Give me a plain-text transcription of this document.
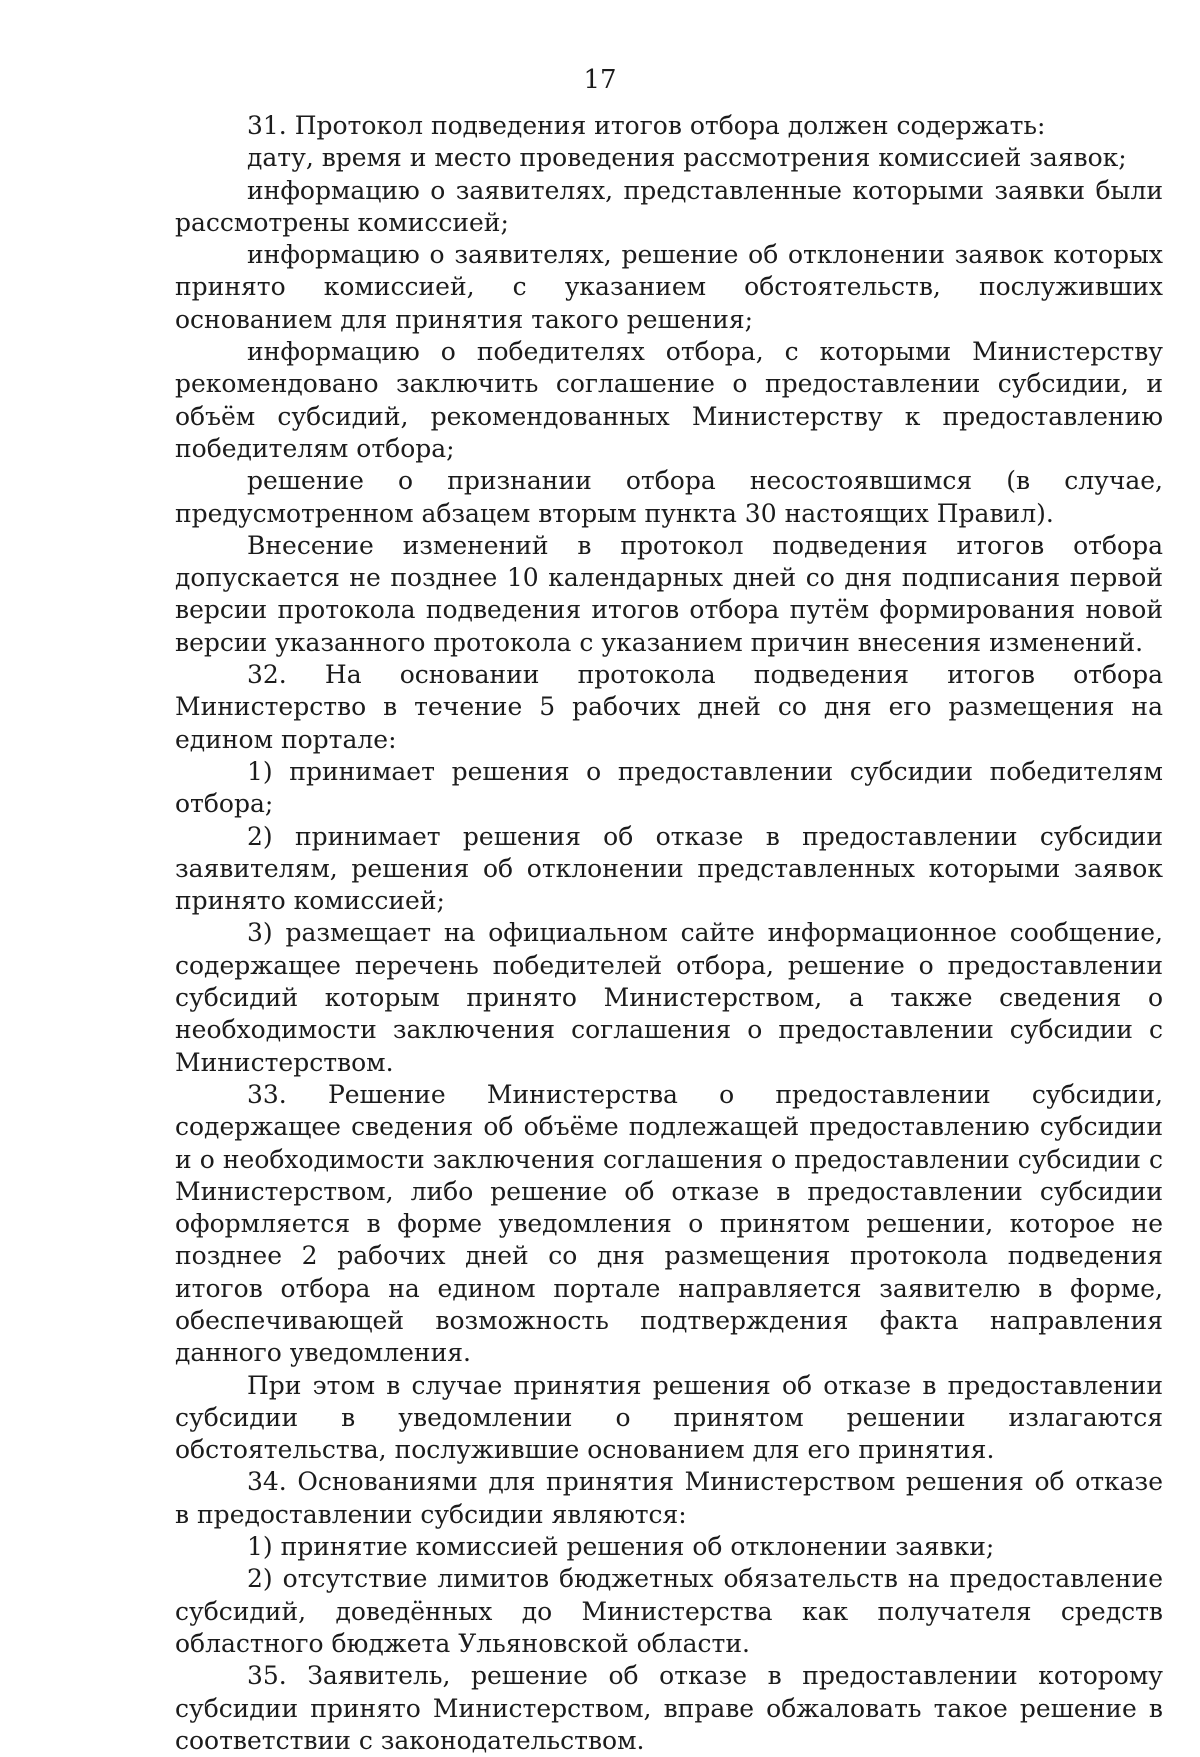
17

31. Протокол подведения итогов отбора должен содержать:

дату, время и место проведения рассмотрения комиссией заявок;

информацию о заявителях, представленные которыми заявки были рассмотрены комиссией;

информацию о заявителях, решение об отклонении заявок которых принято комиссией, с указанием обстоятельств, послуживших основанием для принятия такого решения;

информацию о победителях отбора, с которыми Министерству рекомендовано заключить соглашение о предоставлении субсидии, и объём субсидий, рекомендованных Министерству к предоставлению победителям отбора;

решение о признании отбора несостоявшимся (в случае, предусмотренном абзацем вторым пункта 30 настоящих Правил).

Внесение изменений в протокол подведения итогов отбора допускается не позднее 10 календарных дней со дня подписания первой версии протокола подведения итогов отбора путём формирования новой версии указанного протокола с указанием причин внесения изменений.

32. На основании протокола подведения итогов отбора Министерство в течение 5 рабочих дней со дня его размещения на едином портале:

1) принимает решения о предоставлении субсидии победителям отбора;

2) принимает решения об отказе в предоставлении субсидии заявителям, решения об отклонении представленных которыми заявок принято комиссией;

3) размещает на официальном сайте информационное сообщение, содержащее перечень победителей отбора, решение о предоставлении субсидий которым принято Министерством, а также сведения о необходимости заключения соглашения о предоставлении субсидии с Министерством.

33. Решение Министерства о предоставлении субсидии, содержащее сведения об объёме подлежащей предоставлению субсидии и о необходимости заключения соглашения о предоставлении субсидии с Министерством, либо решение об отказе в предоставлении субсидии оформляется в форме уведомления о принятом решении, которое не позднее 2 рабочих дней со дня размещения протокола подведения итогов отбора на едином портале направляется заявителю в форме, обеспечивающей возможность подтверждения факта направления данного уведомления.

При этом в случае принятия решения об отказе в предоставлении субсидии в уведомлении о принятом решении излагаются обстоятельства, послужившие основанием для его принятия.

34. Основаниями для принятия Министерством решения об отказе в предоставлении субсидии являются:

1) принятие комиссией решения об отклонении заявки;

2) отсутствие лимитов бюджетных обязательств на предоставление субсидий, доведённых до Министерства как получателя средств областного бюджета Ульяновской области.

35. Заявитель, решение об отказе в предоставлении которому субсидии принято Министерством, вправе обжаловать такое решение в соответствии с законодательством.
